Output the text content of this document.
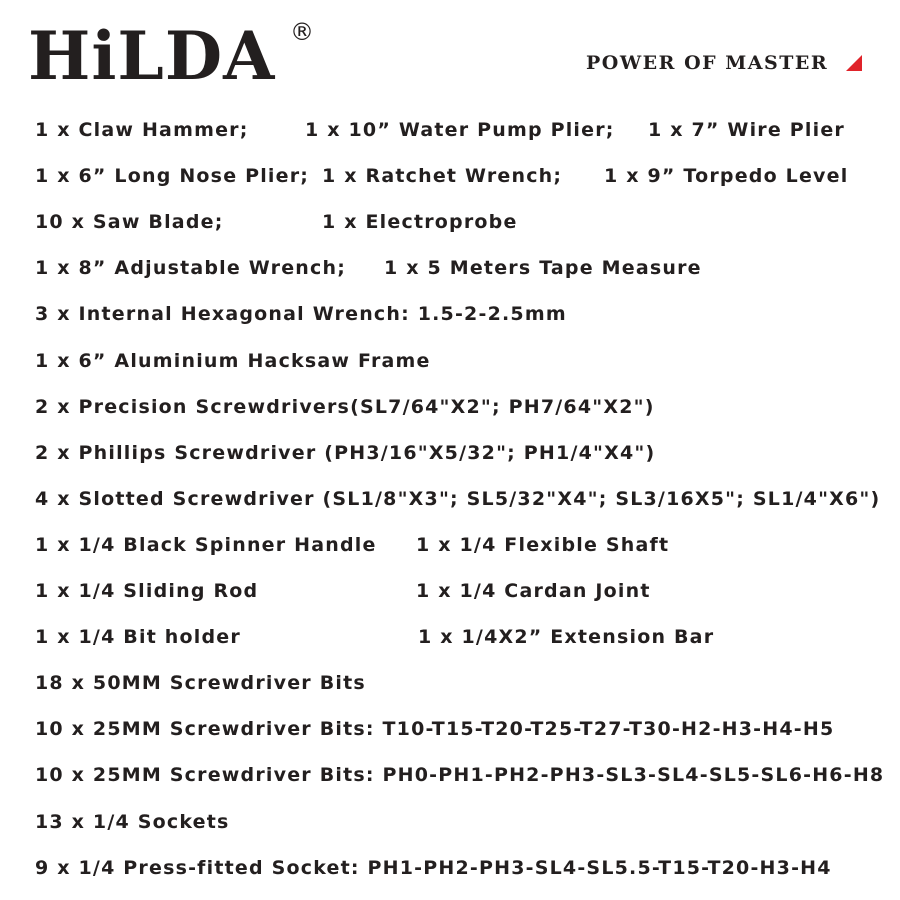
HiLDA ®
POWER OF MASTER
1 x Claw Hammer;	1 x 10” Water Pump Plier; 1 x 7” Wire Plier
1 x 6” Long Nose Plier; 1 x Ratchet Wrench; 1 x 9” Torpedo Level
10 x Saw Blade;	1 x Electroprobe
1 x 8” Adjustable Wrench; 1 x 5 Meters Tape Measure
3 x Internal Hexagonal Wrench: 1.5-2-2.5mm
1 x 6” Aluminium Hacksaw Frame
2 x Precision Screwdrivers(SL7/64"X2"; PH7/64"X2")
2 x Phillips Screwdriver (PH3/16"X5/32"; PH1/4"X4")
4 x Slotted Screwdriver (SL1/8"X3"; SL5/32"X4"; SL3/16X5"; SL1/4"X6")
1 x 1/4 Black Spinner Handle 1 x 1/4 Flexible Shaft
1 x 1/4 Sliding Rod	1 x 1/4 Cardan Joint
1 x 1/4 Bit holder	1 x 1/4X2” Extension Bar
18 x 50MM Screwdriver Bits
10 x 25MM Screwdriver Bits: T10-T15-T20-T25-T27-T30-H2-H3-H4-H5
10 x 25MM Screwdriver Bits: PH0-PH1-PH2-PH3-SL3-SL4-SL5-SL6-H6-H8
13 x 1/4 Sockets
9 x 1/4 Press-fitted Socket: PH1-PH2-PH3-SL4-SL5.5-T15-T20-H3-H4
